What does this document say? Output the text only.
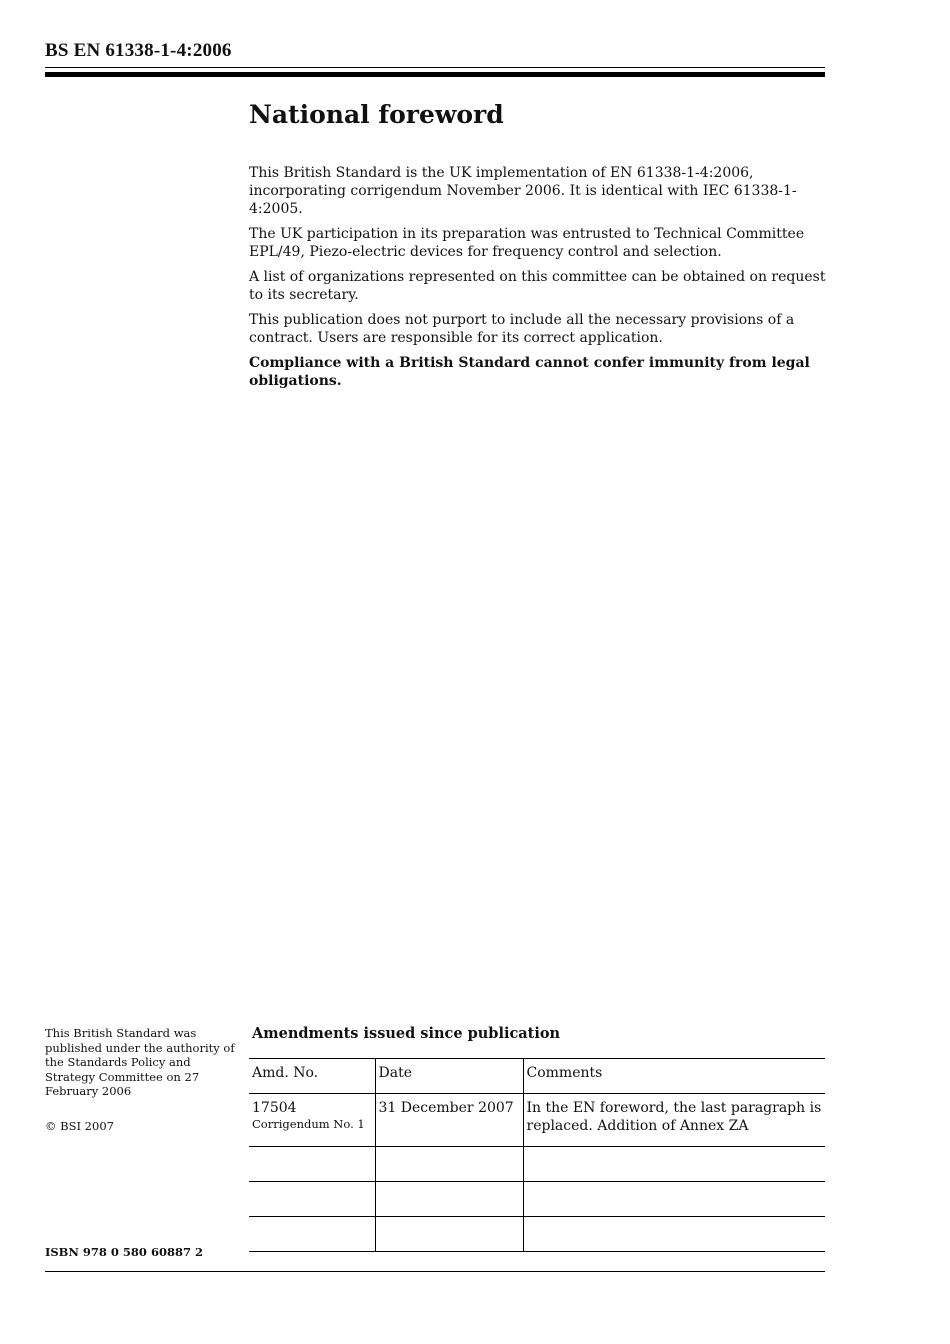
BS EN 61338-1-4:2006
National foreword

This British Standard is the UK implementation of EN 61338-1-4:2006, incorporating corrigendum November 2006. It is identical with IEC 61338-1-4:2005.

The UK participation in its preparation was entrusted to Technical Committee EPL/49, Piezo-electric devices for frequency control and selection.

A list of organizations represented on this committee can be obtained on request to its secretary.

This publication does not purport to include all the necessary provisions of a contract. Users are responsible for its correct application.

Compliance with a British Standard cannot confer immunity from legal obligations.

This British Standard was published under the authority of the Standards Policy and Strategy Committee on 27 February 2006
© BSI 2007
ISBN 978 0 580 60887 2
Amendments issued since publication
Amd. No.	Date	Comments
17504
Corrigendum No. 1	31 December 2007	In the EN foreword, the last paragraph is replaced. Addition of Annex ZA
